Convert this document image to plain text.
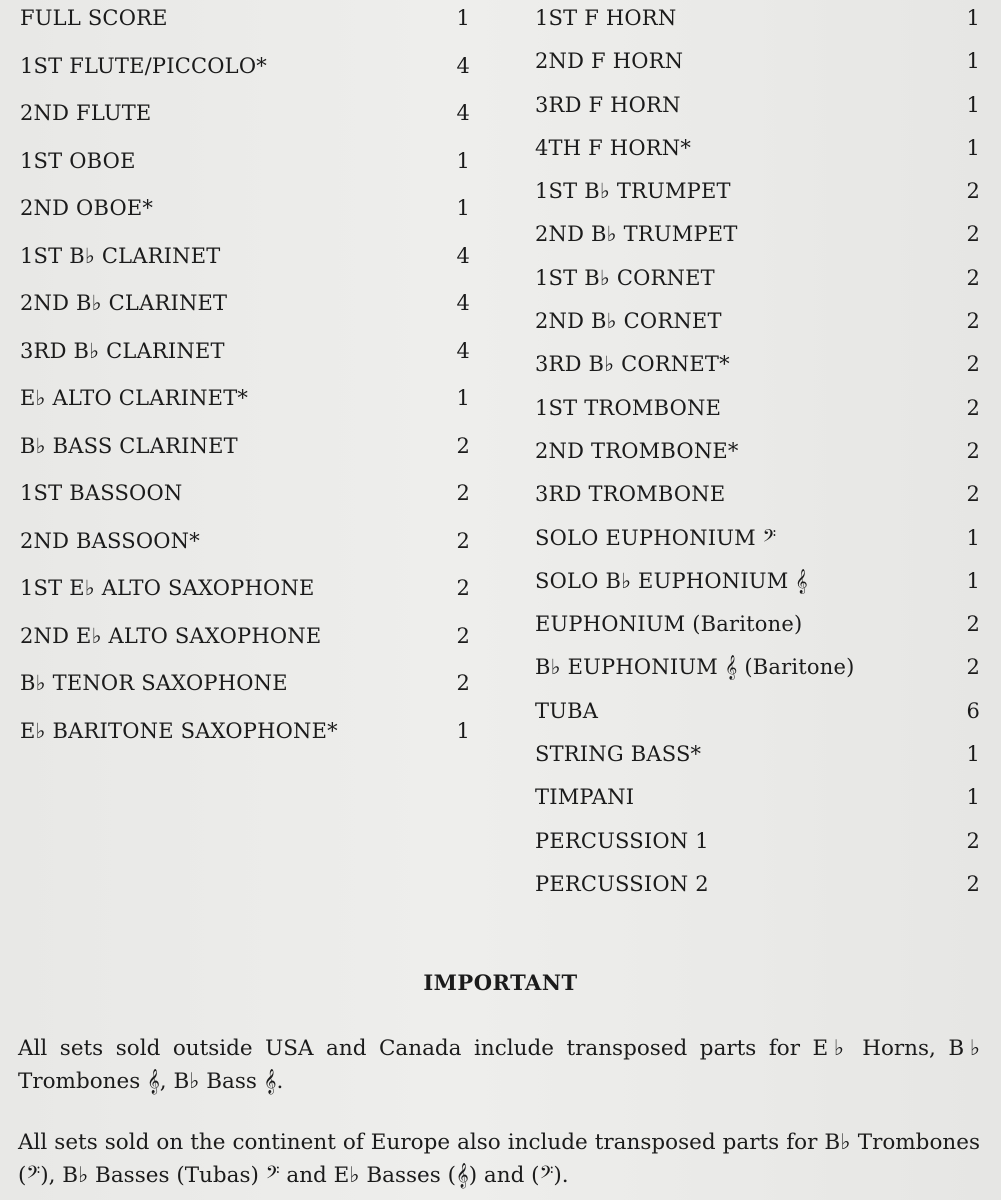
FULL SCORE	1
1ST FLUTE/PICCOLO*	4
2ND FLUTE	4
1ST OBOE	1
2ND OBOE*	1
1ST B♭ CLARINET	4
2ND B♭ CLARINET	4
3RD B♭ CLARINET	4
E♭ ALTO CLARINET*	1
B♭ BASS CLARINET	2
1ST BASSOON	2
2ND BASSOON*	2
1ST E♭ ALTO SAXOPHONE	2
2ND E♭ ALTO SAXOPHONE	2
B♭ TENOR SAXOPHONE	2
E♭ BARITONE SAXOPHONE*	1
1ST F HORN	1
2ND F HORN	1
3RD F HORN	1
4TH F HORN*	1
1ST B♭ TRUMPET	2
2ND B♭ TRUMPET	2
1ST B♭ CORNET	2
2ND B♭ CORNET	2
3RD B♭ CORNET*	2
1ST TROMBONE	2
2ND TROMBONE*	2
3RD TROMBONE	2
SOLO EUPHONIUM 𝄢	1
SOLO B♭ EUPHONIUM 𝄞	1
EUPHONIUM (Baritone)	2
B♭ EUPHONIUM 𝄞 (Baritone)	2
TUBA	6
STRING BASS*	1
TIMPANI	1
PERCUSSION 1	2
PERCUSSION 2	2
IMPORTANT
All sets sold outside USA and Canada include transposed parts for E♭ Horns, B♭ Trombones 𝄞, B♭ Bass 𝄞.
All sets sold on the continent of Europe also include transposed parts for B♭ Trombones (𝄢), B♭ Basses (Tubas) 𝄢 and E♭ Basses (𝄞) and (𝄢).
